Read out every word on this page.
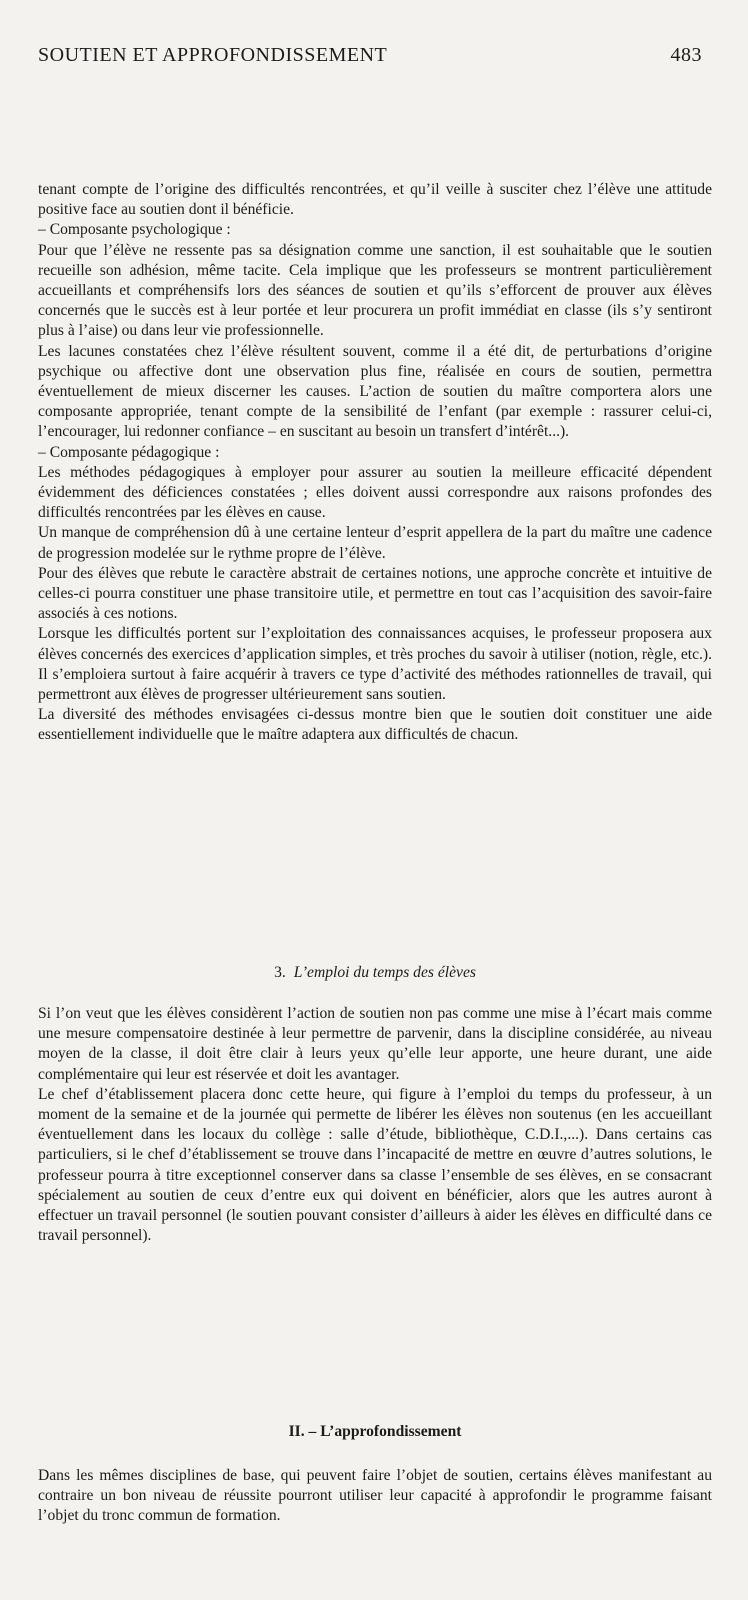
SOUTIEN ET APPROFONDISSEMENT	483

tenant compte de l’origine des difficultés rencontrées, et qu’il veille à susciter chez l’élève une attitude positive face au soutien dont il bénéficie.

– Composante psychologique :

Pour que l’élève ne ressente pas sa désignation comme une sanction, il est souhaitable que le soutien recueille son adhésion, même tacite. Cela implique que les professeurs se montrent particulièrement accueillants et compréhensifs lors des séances de soutien et qu’ils s’efforcent de prouver aux élèves concernés que le succès est à leur portée et leur procurera un profit immédiat en classe (ils s’y sentiront plus à l’aise) ou dans leur vie professionnelle.

Les lacunes constatées chez l’élève résultent souvent, comme il a été dit, de perturbations d’origine psychique ou affective dont une observation plus fine, réalisée en cours de soutien, permettra éventuellement de mieux discerner les causes. L’action de soutien du maître comportera alors une composante appropriée, tenant compte de la sensibilité de l’enfant (par exemple : rassurer celui-ci, l’encourager, lui redonner confiance – en suscitant au besoin un transfert d’intérêt...).

– Composante pédagogique :

Les méthodes pédagogiques à employer pour assurer au soutien la meilleure efficacité dépendent évidemment des déficiences constatées ; elles doivent aussi correspondre aux raisons profondes des difficultés rencontrées par les élèves en cause.

Un manque de compréhension dû à une certaine lenteur d’esprit appellera de la part du maître une cadence de progression modelée sur le rythme propre de l’élève.

Pour des élèves que rebute le caractère abstrait de certaines notions, une approche concrète et intuitive de celles-ci pourra constituer une phase transitoire utile, et permettre en tout cas l’acquisition des savoir-faire associés à ces notions.

Lorsque les difficultés portent sur l’exploitation des connaissances acquises, le professeur proposera aux élèves concernés des exercices d’application simples, et très proches du savoir à utiliser (notion, règle, etc.). Il s’emploiera surtout à faire acquérir à travers ce type d’activité des méthodes rationnelles de travail, qui permettront aux élèves de progresser ultérieurement sans soutien.

La diversité des méthodes envisagées ci-dessus montre bien que le soutien doit constituer une aide essentiellement individuelle que le maître adaptera aux difficultés de chacun.

3. L’emploi du temps des élèves

Si l’on veut que les élèves considèrent l’action de soutien non pas comme une mise à l’écart mais comme une mesure compensatoire destinée à leur permettre de parvenir, dans la discipline considérée, au niveau moyen de la classe, il doit être clair à leurs yeux qu’elle leur apporte, une heure durant, une aide complémentaire qui leur est réservée et doit les avantager.

Le chef d’établissement placera donc cette heure, qui figure à l’emploi du temps du professeur, à un moment de la semaine et de la journée qui permette de libérer les élèves non soutenus (en les accueillant éventuellement dans les locaux du collège : salle d’étude, bibliothèque, C.D.I.,...). Dans certains cas particuliers, si le chef d’établissement se trouve dans l’incapacité de mettre en œuvre d’autres solutions, le professeur pourra à titre exceptionnel conserver dans sa classe l’ensemble de ses élèves, en se consacrant spécialement au soutien de ceux d’entre eux qui doivent en bénéficier, alors que les autres auront à effectuer un travail personnel (le soutien pouvant consister d’ailleurs à aider les élèves en difficulté dans ce travail personnel).

II. – L’approfondissement

Dans les mêmes disciplines de base, qui peuvent faire l’objet de soutien, certains élèves manifestant au contraire un bon niveau de réussite pourront utiliser leur capacité à approfondir le programme faisant l’objet du tronc commun de formation.
